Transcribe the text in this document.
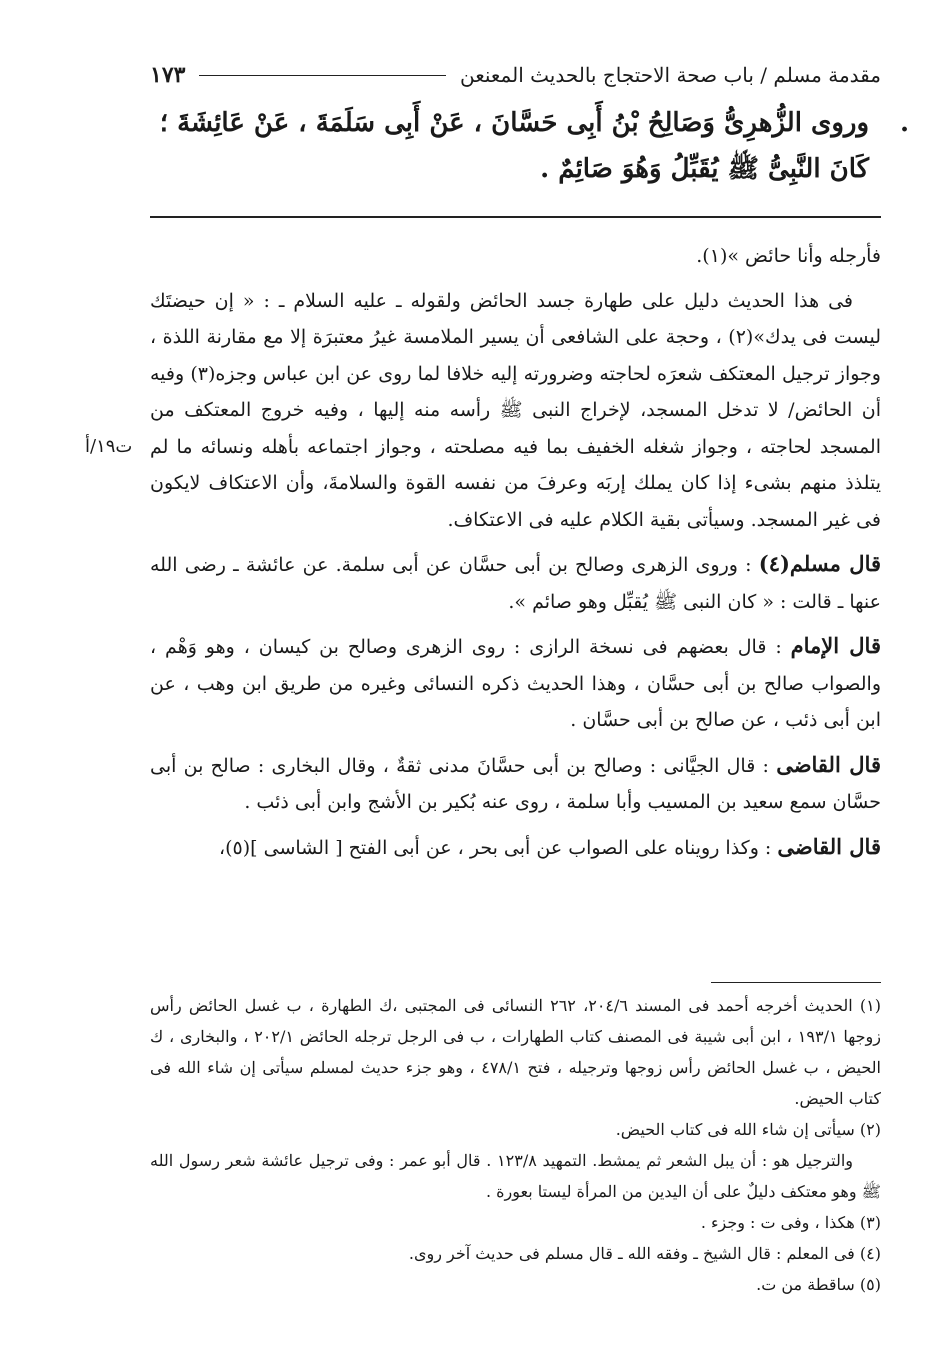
مقدمة مسلم / باب صحة الاحتجاج بالحديث المعنعن
١٧٣
.
وروى الزُّهرِىُّ وَصَالِحُ بْنُ أَبِى حَسَّانَ ، عَنْ أَبِى سَلَمَةَ ، عَنْ عَائِشَةَ ؛ كَانَ النَّبِىُّ ﷺ يُقَبِّلُ وَهُوَ صَائِمٌ .
ت١٩/أ

فأرجله وأنا حائض »(١).

فى هذا الحديث دليل على طهارة جسد الحائض ولقوله ـ عليه السلام ـ : « إن حيضتَك ليست فى يدك»(٢) ، وحجة على الشافعى أن يسير الملامسة غيرُ معتبرَة إلا مع مقارنة اللذة ، وجواز ترجيل المعتكف شعرَه لحاجته وضرورته إليه خلافا لما روى عن ابن عباس وجزه(٣) وفيه أن الحائض/ لا تدخل المسجد، لإخراج النبى ﷺ رأسه منه إليها ، وفيه خروج المعتكف من المسجد لحاجته ، وجواز شغله الخفيف بما فيه مصلحته ، وجواز اجتماعه بأهله ونسائه ما لم يتلذذ منهم بشىء إذا كان يملك إربَه وعرفَ من نفسه القوة والسلامةَ، وأن الاعتكاف لايكون فى غير المسجد. وسيأتى بقية الكلام عليه فى الاعتكاف.

قال مسلم(٤) : وروى الزهرى وصالح بن أبى حسَّان عن أبى سلمة. عن عائشة ـ رضى الله عنها ـ قالت : « كان النبى ﷺ يُقبِّل وهو صائم ».

قال الإمام : قال بعضهم فى نسخة الرازى : روى الزهرى وصالح بن كيسان ، وهو وَهْم ، والصواب صالح بن أبى حسَّان ، وهذا الحديث ذكره النسائى وغيره من طريق ابن وهب ، عن ابن أبى ذئب ، عن صالح بن أبى حسَّان .

قال القاضى : قال الجيَّانى : وصالح بن أبى حسَّانَ مدنى ثقةٌ ، وقال البخارى : صالح بن أبى حسَّان سمع سعيد بن المسيب وأبا سلمة ، روى عنه بُكير بن الأشج وابن أبى ذئب .

قال القاضى : وكذا رويناه على الصواب عن أبى بحر ، عن أبى الفتح [ الشاسى ](٥)،

(١) الحديث أخرجه أحمد فى المسند ٢٠٤/٦، ٢٦٢ النسائى فى المجتبى ،ك الطهارة ، ب غسل الحائض رأس زوجها ١٩٣/١ ، ابن أبى شيبة فى المصنف كتاب الطهارات ، ب فى الرجل ترجله الحائض ٢٠٢/١ ، والبخارى ، ك الحيض ، ب غسل الحائض رأس زوجها وترجيله ، فتح ٤٧٨/١ ، وهو جزء حديث لمسلم سيأتى إن شاء الله فى كتاب الحيض.

(٢) سيأتى إن شاء الله فى كتاب الحيض.

والترجيل هو : أن يبل الشعر ثم يمشط. التمهيد ١٢٣/٨ . قال أبو عمر : وفى ترجيل عائشة شعر رسول الله ﷺ وهو معتكف دليلٌ على أن اليدين من المرأة ليستا بعورة .

(٣) هكذا ، وفى ت : وجزء .

(٤) فى المعلم : قال الشيخ ـ وفقه الله ـ قال مسلم فى حديث آخر روى.

(٥) ساقطة من ت.
